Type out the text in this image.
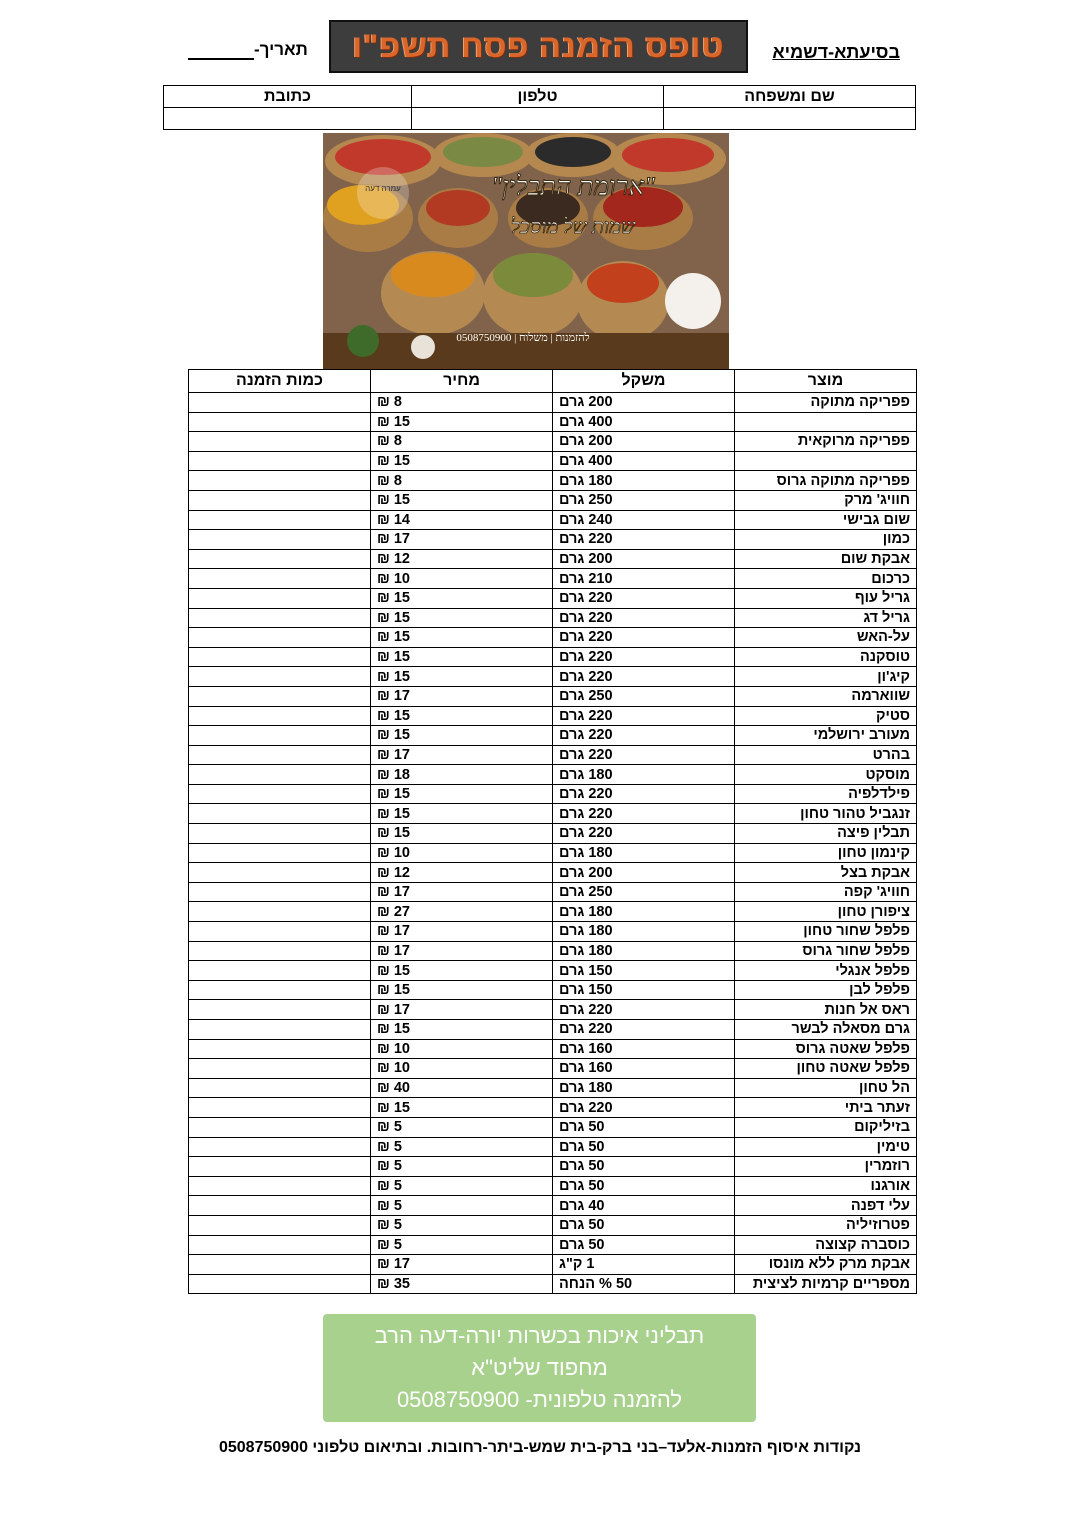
תאריך- טופס הזמנה פסח תשפ"ו	בסיעתא-דשמיא
שם ומשפחה	טלפון	כתובת

עמרה דעה	"ארומת התבלין"
שמות של מוסכל
0508750900 | להזמנות | משלוח
מוצר	משקל	מחיר	כמות הזמנה
פפריקה מתוקה	200 גרם	8 ₪	
	400 גרם	15 ₪	
פפריקה מרוקאית	200 גרם	8 ₪	
	400 גרם	15 ₪	
פפריקה מתוקה גרוס	180 גרם	8 ₪	
חוויג' מרק	250 גרם	15 ₪	
שום גבישי	240 גרם	14 ₪	
כמון	220 גרם	17 ₪	
אבקת שום	200 גרם	12 ₪	
כרכום	210 גרם	10 ₪	
גריל עוף	220 גרם	15 ₪	
גריל דג	220 גרם	15 ₪	
על-האש	220 גרם	15 ₪	
טוסקנה	220 גרם	15 ₪	
קיג'ון	220 גרם	15 ₪	
שווארמה	250 גרם	17 ₪	
סטיק	220 גרם	15 ₪	
מעורב ירושלמי	220 גרם	15 ₪	
בהרט	220 גרם	17 ₪	
מוסקט	180 גרם	18 ₪	
פילדלפיה	220 גרם	15 ₪	
זנגביל טהור טחון	220 גרם	15 ₪	
תבלין פיצה	220 גרם	15 ₪	
קינמון טחון	180 גרם	10 ₪	
אבקת בצל	200 גרם	12 ₪	
חוויג' קפה	250 גרם	17 ₪	
ציפורן טחון	180 גרם	27 ₪	
פלפל שחור טחון	180 גרם	17 ₪	
פלפל שחור גרוס	180 גרם	17 ₪	
פלפל אנגלי	150 גרם	15 ₪	
פלפל לבן	150 גרם	15 ₪	
ראס אל חנות	220 גרם	17 ₪	
גרם מסאלה לבשר	220 גרם	15 ₪	
פלפל שאטה גרוס	160 גרם	10 ₪	
פלפל שאטה טחון	160 גרם	10 ₪	
הל טחון	180 גרם	40 ₪	
זעתר ביתי	220 גרם	15 ₪	
בזיליקום	50 גרם	5 ₪	
טימין	50 גרם	5 ₪	
רוזמרין	50 גרם	5 ₪	
אורגנו	50 גרם	5 ₪	
עלי דפנה	40 גרם	5 ₪	
פטרוזיליה	50 גרם	5 ₪	
כוסברה קצוצה	50 גרם	5 ₪	
אבקת מרק ללא מונסו	1 ק"ג	17 ₪	
מספריים קרמיות לציצית	50 % הנחה	35 ₪	
תבליני איכות בכשרות יורה-דעה הרב
מחפוד שליט"א
להזמנה טלפונית- 0508750900
נקודות איסוף הזמנות-אלעד–בני ברק-בית שמש-ביתר-רחובות. ובתיאום טלפוני 0508750900
